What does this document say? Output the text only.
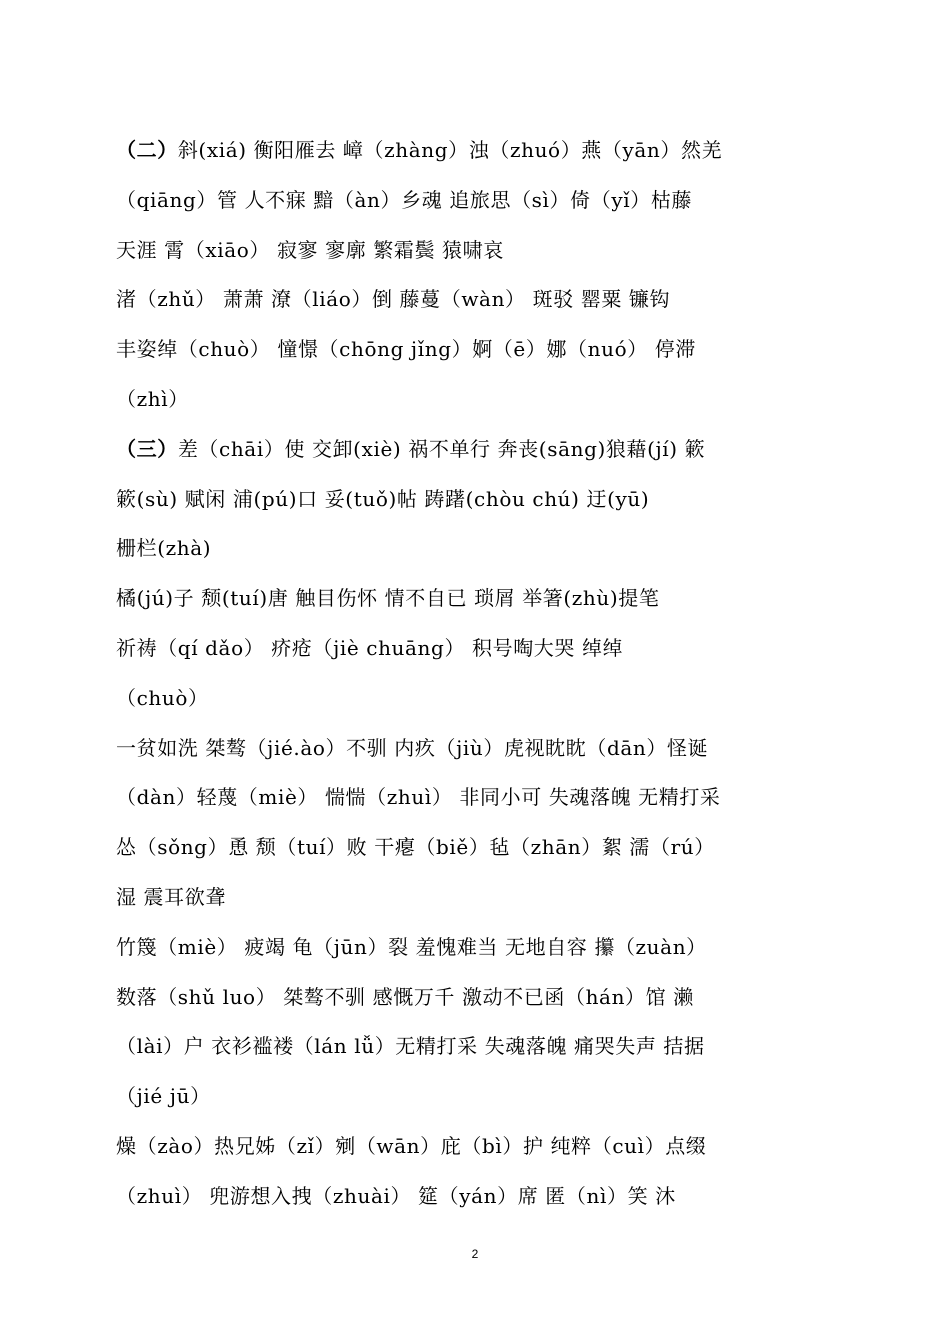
（二）斜(xiá) 衡阳雁去 嶂（zhàng）浊（zhuó）燕（yān）然羌
（qiāng）管 人不寐 黯（àn）乡魂 追旅思（sì）倚（yǐ）枯藤
天涯 霄（xiāo） 寂寥 寥廓 繁霜鬓 猿啸哀
渚（zhǔ） 萧萧 潦（liáo）倒 藤蔓（wàn） 斑驳 罂粟 镰钩
丰姿绰（chuò） 憧憬（chōng jǐng）婀（ē）娜（nuó） 停滞
（zhì）
（三）差（chāi）使 交卸(xiè) 祸不单行 奔丧(sāng)狼藉(jí) 簌
簌(sù) 赋闲 浦(pú)口 妥(tuǒ)帖 踌躇(chòu chú) 迂(yū)
栅栏(zhà)
橘(jú)子 颓(tuí)唐 触目伤怀 情不自已 琐屑 举箸(zhù)提笔
祈祷（qí dǎo） 疥疮（jiè chuāng） 积号啕大哭 绰绰
（chuò）
一贫如洗 桀骜（jié.ào）不驯 内疚（jiù）虎视眈眈（dān）怪诞
（dàn）轻蔑（miè） 惴惴（zhuì） 非同小可 失魂落魄 无精打采
怂（sǒng）恿 颓（tuí）败 干瘪（biě）毡（zhān）絮 濡（rú）
湿 震耳欲聋
竹篾（miè） 疲竭 龟（jūn）裂 羞愧难当 无地自容 攥（zuàn）
数落（shǔ luo） 桀骜不驯 感慨万千 激动不已函（hán）馆 濑
（lài）户 衣衫褴褛（lán lǚ）无精打采 失魂落魄 痛哭失声 拮据
（jié jū）
燥（zào）热兄姊（zǐ）剜（wān）庇（bì）护 纯粹（cuì）点缀
（zhuì） 兜游想入拽（zhuài） 筵（yán）席 匿（nì）笑 沐
2
